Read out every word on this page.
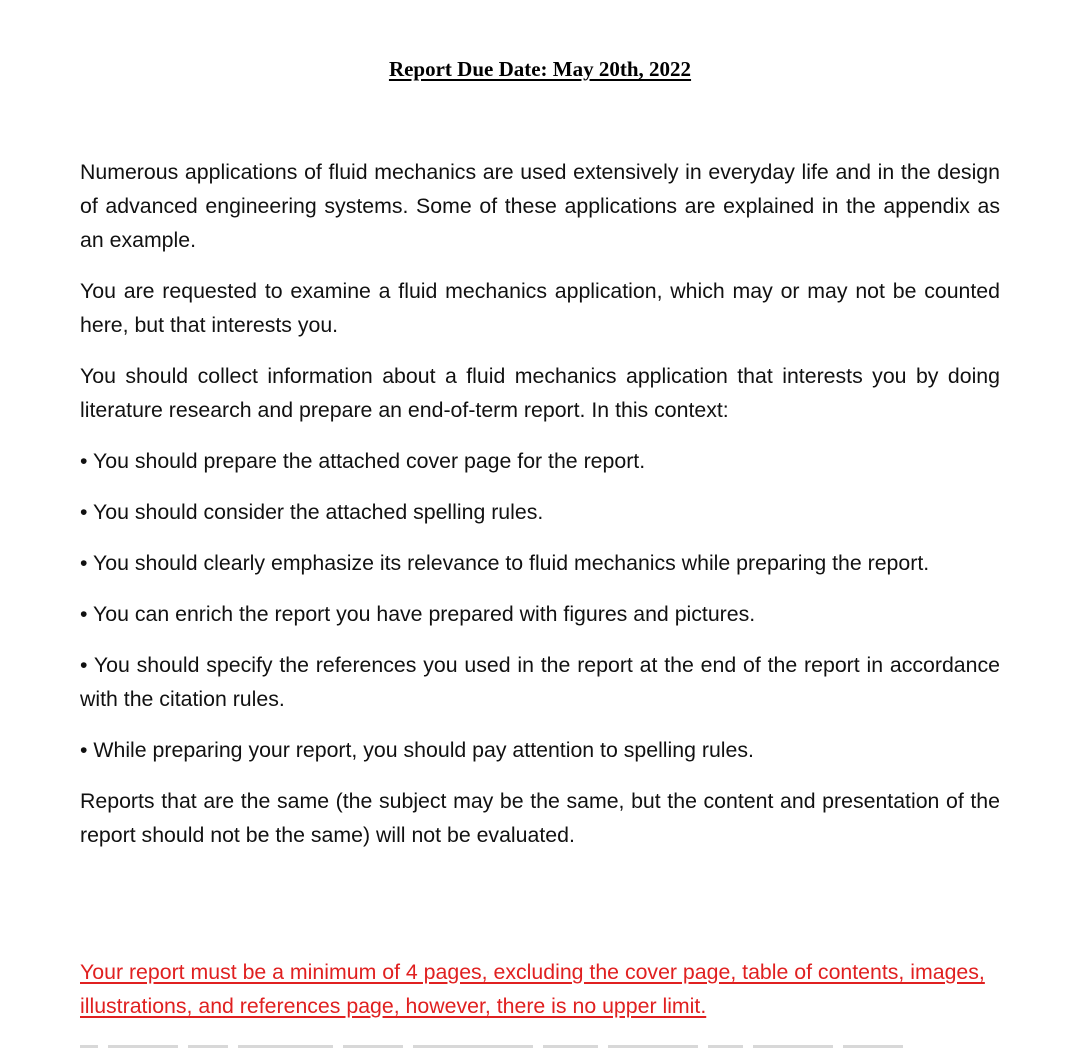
Report Due Date: May 20th, 2022

Numerous applications of fluid mechanics are used extensively in everyday life and in the design of advanced engineering systems. Some of these applications are explained in the appendix as an example.

You are requested to examine a fluid mechanics application, which may or may not be counted here, but that interests you.

You should collect information about a fluid mechanics application that interests you by doing literature research and prepare an end-of-term report. In this context:

• You should prepare the attached cover page for the report.

• You should consider the attached spelling rules.

• You should clearly emphasize its relevance to fluid mechanics while preparing the report.

• You can enrich the report you have prepared with figures and pictures.

• You should specify the references you used in the report at the end of the report in accordance with the citation rules.

• While preparing your report, you should pay attention to spelling rules.

Reports that are the same (the subject may be the same, but the content and presentation of the report should not be the same) will not be evaluated.

Your report must be a minimum of 4 pages, excluding the cover page, table of contents, images, illustrations, and references page, however, there is no upper limit.
